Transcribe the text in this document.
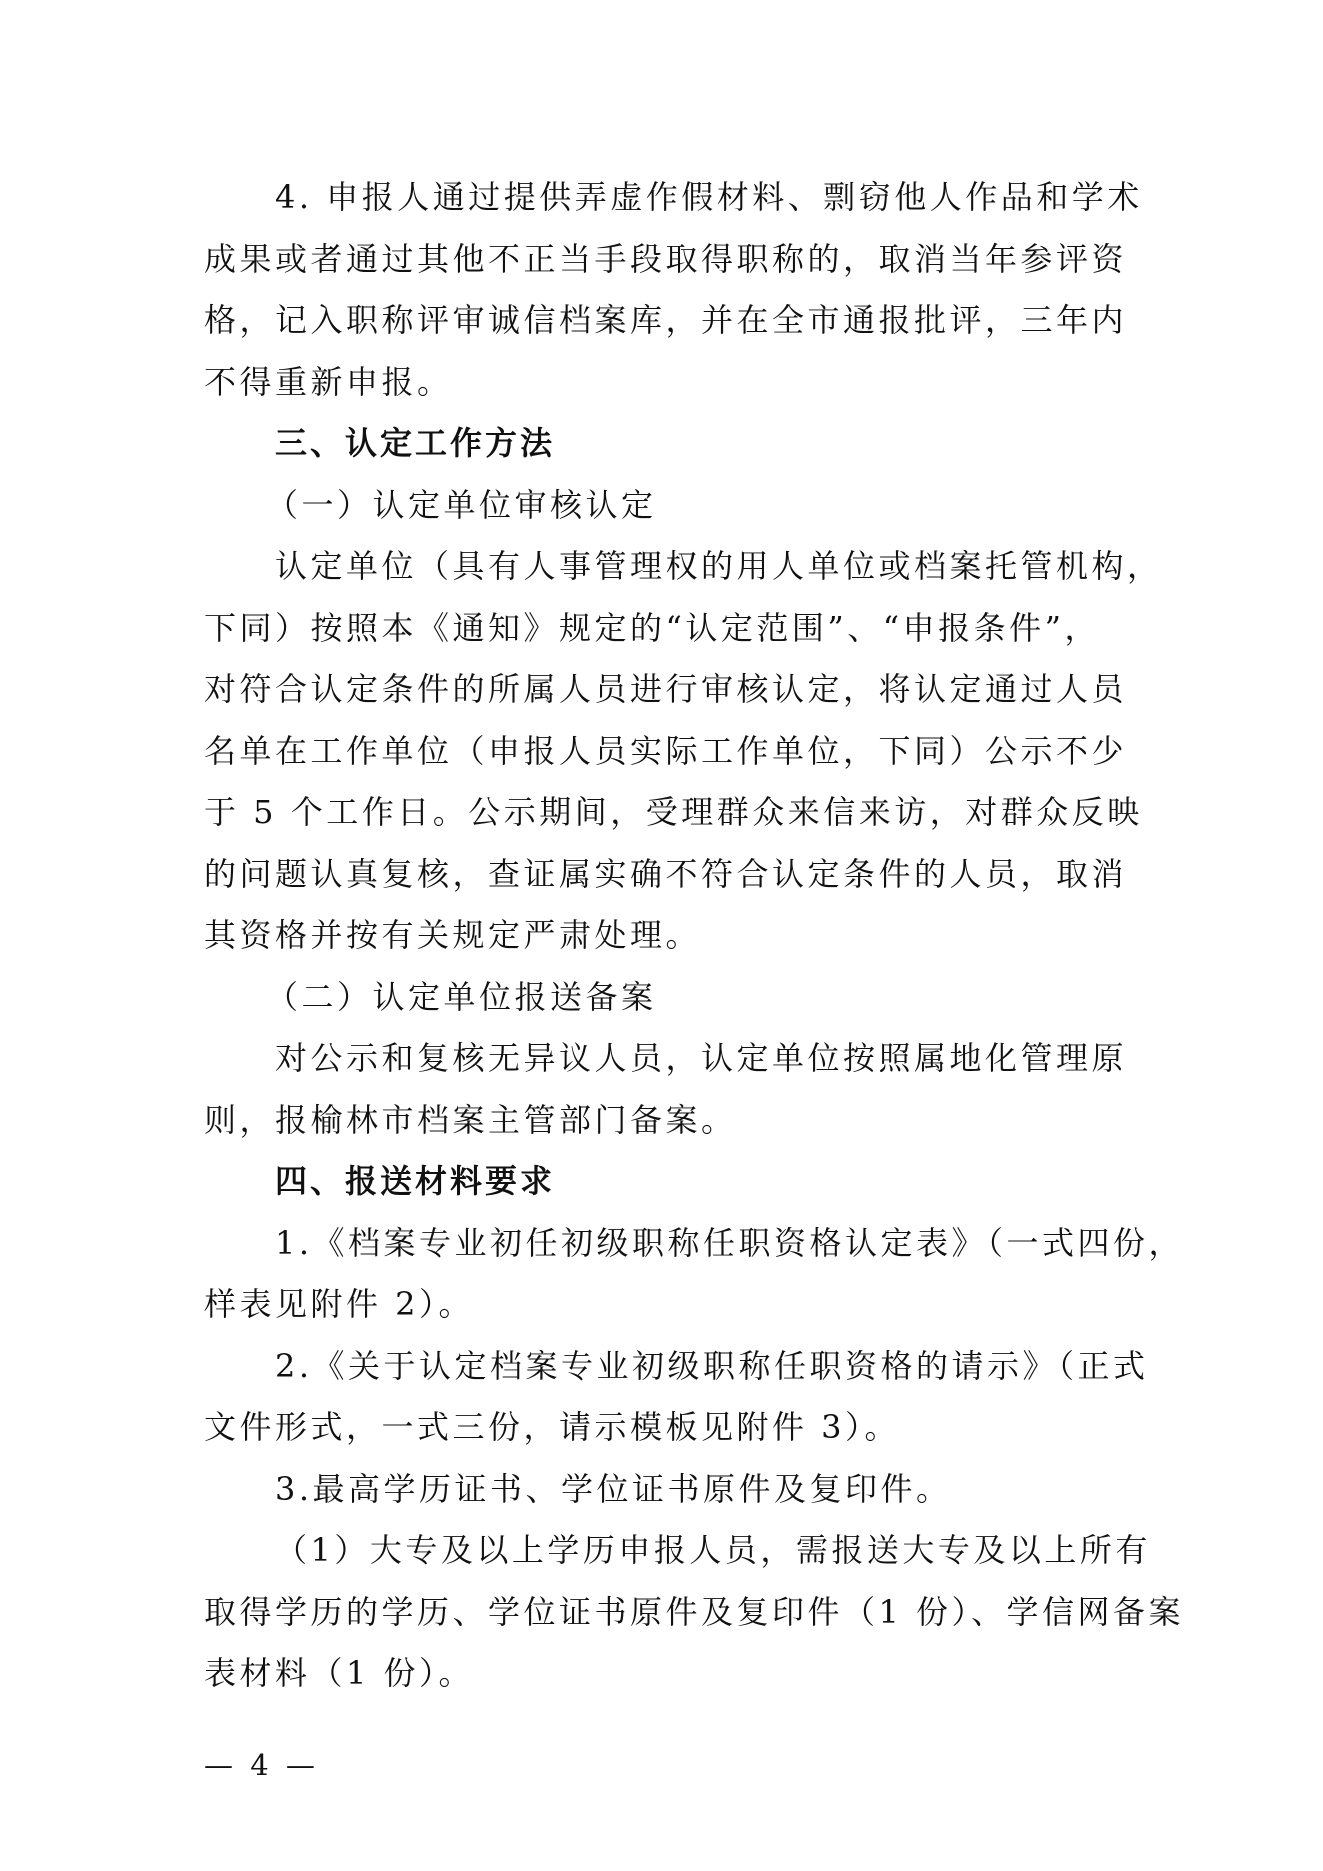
4. 申报人通过提供弄虚作假材料、剽窃他人作品和学术
成果或者通过其他不正当手段取得职称的，取消当年参评资
格，记入职称评审诚信档案库，并在全市通报批评，三年内
不得重新申报。
三、认定工作方法
（一）认定单位审核认定
认定单位（具有人事管理权的用人单位或档案托管机构，
下同）按照本《通知》规定的“认定范围”、“申报条件”，
对符合认定条件的所属人员进行审核认定，将认定通过人员
名单在工作单位（申报人员实际工作单位，下同）公示不少
于 5 个工作日。公示期间，受理群众来信来访，对群众反映
的问题认真复核，查证属实确不符合认定条件的人员，取消
其资格并按有关规定严肃处理。
（二）认定单位报送备案
对公示和复核无异议人员，认定单位按照属地化管理原
则，报榆林市档案主管部门备案。
四、报送材料要求
1.《档案专业初任初级职称任职资格认定表》（一式四份，
样表见附件 2）。
2.《关于认定档案专业初级职称任职资格的请示》（正式
文件形式，一式三份，请示模板见附件 3）。
3.最高学历证书、学位证书原件及复印件。
（1）大专及以上学历申报人员，需报送大专及以上所有
取得学历的学历、学位证书原件及复印件（1 份）、学信网备案
表材料（1 份）。
— 4 —
